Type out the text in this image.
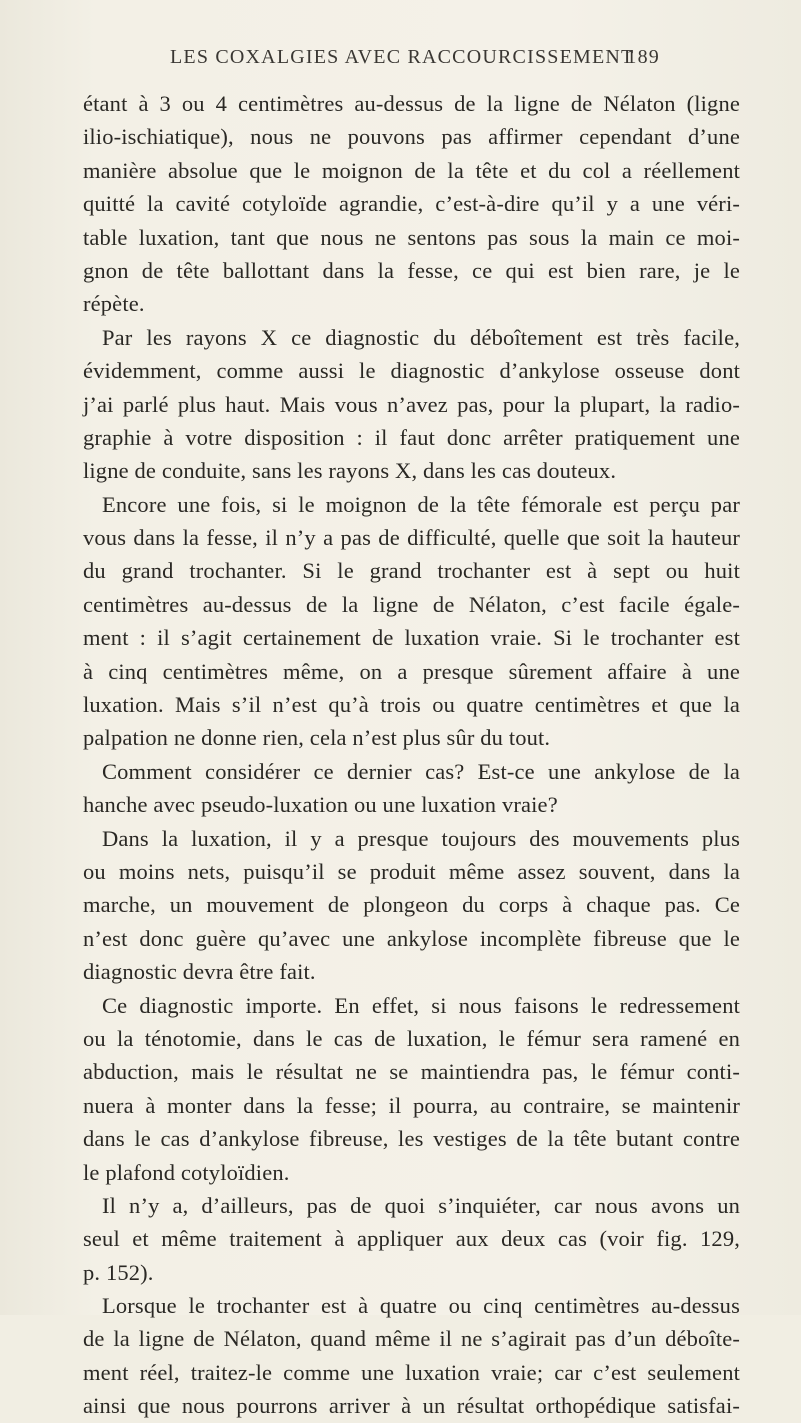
LES COXALGIES AVEC RACCOURCISSEMENT
189
étant à 3 ou 4 centimètres au-dessus de la ligne de Nélaton (ligne
ilio-ischiatique), nous ne pouvons pas affirmer cependant d’une
manière absolue que le moignon de la tête et du col a réellement
quitté la cavité cotyloïde agrandie, c’est-à-dire qu’il y a une véri-
table luxation, tant que nous ne sentons pas sous la main ce moi-
gnon de tête ballottant dans la fesse, ce qui est bien rare, je le
répète.
Par les rayons X ce diagnostic du déboîtement est très facile,
évidemment, comme aussi le diagnostic d’ankylose osseuse dont
j’ai parlé plus haut. Mais vous n’avez pas, pour la plupart, la radio-
graphie à votre disposition : il faut donc arrêter pratiquement une
ligne de conduite, sans les rayons X, dans les cas douteux.
Encore une fois, si le moignon de la tête fémorale est perçu par
vous dans la fesse, il n’y a pas de difficulté, quelle que soit la hauteur
du grand trochanter. Si le grand trochanter est à sept ou huit
centimètres au-dessus de la ligne de Nélaton, c’est facile égale-
ment : il s’agit certainement de luxation vraie. Si le trochanter est
à cinq centimètres même, on a presque sûrement affaire à une
luxation. Mais s’il n’est qu’à trois ou quatre centimètres et que la
palpation ne donne rien, cela n’est plus sûr du tout.
Comment considérer ce dernier cas? Est-ce une ankylose de la
hanche avec pseudo-luxation ou une luxation vraie?
Dans la luxation, il y a presque toujours des mouvements plus
ou moins nets, puisqu’il se produit même assez souvent, dans la
marche, un mouvement de plongeon du corps à chaque pas. Ce
n’est donc guère qu’avec une ankylose incomplète fibreuse que le
diagnostic devra être fait.
Ce diagnostic importe. En effet, si nous faisons le redressement
ou la ténotomie, dans le cas de luxation, le fémur sera ramené en
abduction, mais le résultat ne se maintiendra pas, le fémur conti-
nuera à monter dans la fesse; il pourra, au contraire, se maintenir
dans le cas d’ankylose fibreuse, les vestiges de la tête butant contre
le plafond cotyloïdien.
Il n’y a, d’ailleurs, pas de quoi s’inquiéter, car nous avons un
seul et même traitement à appliquer aux deux cas (voir fig. 129,
p. 152).
Lorsque le trochanter est à quatre ou cinq centimètres au-dessus
de la ligne de Nélaton, quand même il ne s’agirait pas d’un déboîte-
ment réel, traitez-le comme une luxation vraie; car c’est seulement
ainsi que nous pourrons arriver à un résultat orthopédique satisfai-
